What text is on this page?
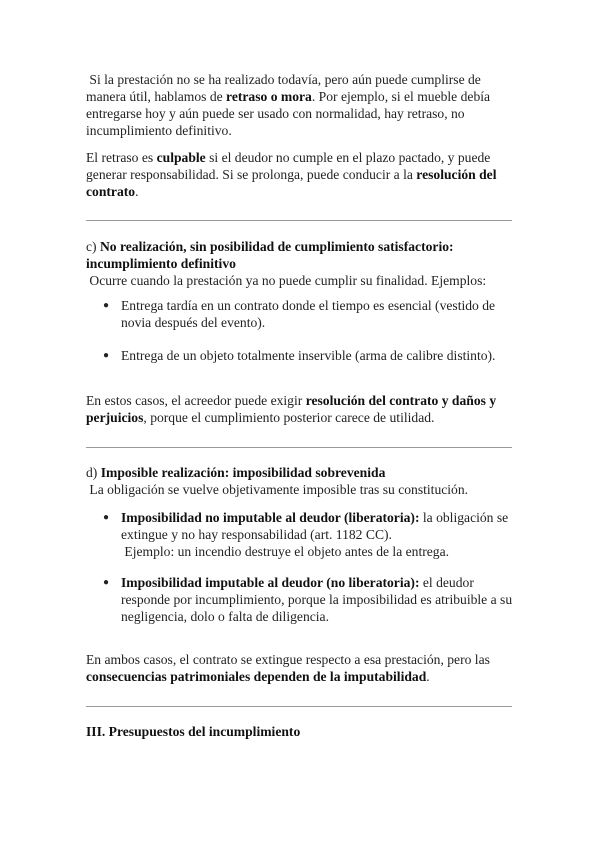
Si la prestación no se ha realizado todavía, pero aún puede cumplirse de manera útil, hablamos de retraso o mora. Por ejemplo, si el mueble debía entregarse hoy y aún puede ser usado con normalidad, hay retraso, no incumplimiento definitivo.

El retraso es culpable si el deudor no cumple en el plazo pactado, y puede generar responsabilidad. Si se prolonga, puede conducir a la resolución del contrato.

c) No realización, sin posibilidad de cumplimiento satisfactorio: incumplimiento definitivo

Ocurre cuando la prestación ya no puede cumplir su finalidad. Ejemplos:

● Entrega tardía en un contrato donde el tiempo es esencial (vestido de novia después del evento).
● Entrega de un objeto totalmente inservible (arma de calibre distinto).

En estos casos, el acreedor puede exigir resolución del contrato y daños y perjuicios, porque el cumplimiento posterior carece de utilidad.

d) Imposible realización: imposibilidad sobrevenida

La obligación se vuelve objetivamente imposible tras su constitución.

● Imposibilidad no imputable al deudor (liberatoria): la obligación se extingue y no hay responsabilidad (art. 1182 CC).
Ejemplo: un incendio destruye el objeto antes de la entrega.
● Imposibilidad imputable al deudor (no liberatoria): el deudor responde por incumplimiento, porque la imposibilidad es atribuible a su negligencia, dolo o falta de diligencia.

En ambos casos, el contrato se extingue respecto a esa prestación, pero las consecuencias patrimoniales dependen de la imputabilidad.

III. Presupuestos del incumplimiento
